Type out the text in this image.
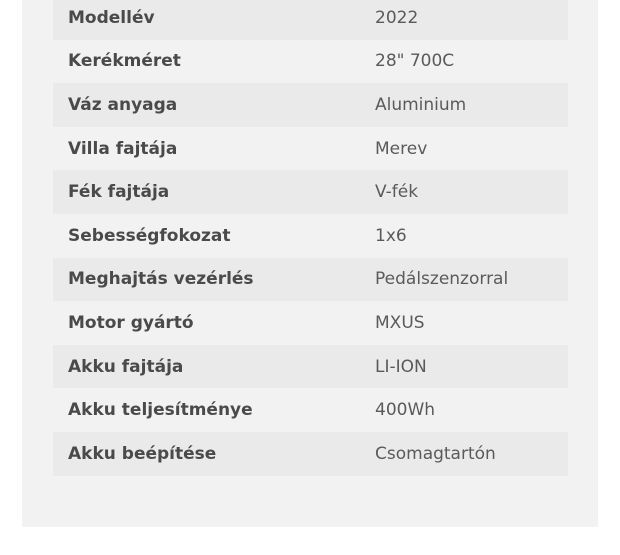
Modellév	2022
Kerékméret	28" 700C
Váz anyaga	Aluminium
Villa fajtája	Merev
Fék fajtája	V-fék
Sebességfokozat	1x6
Meghajtás vezérlés	Pedálszenzorral
Motor gyártó	MXUS
Akku fajtája	LI-ION
Akku teljesítménye	400Wh
Akku beépítése	Csomagtartón
